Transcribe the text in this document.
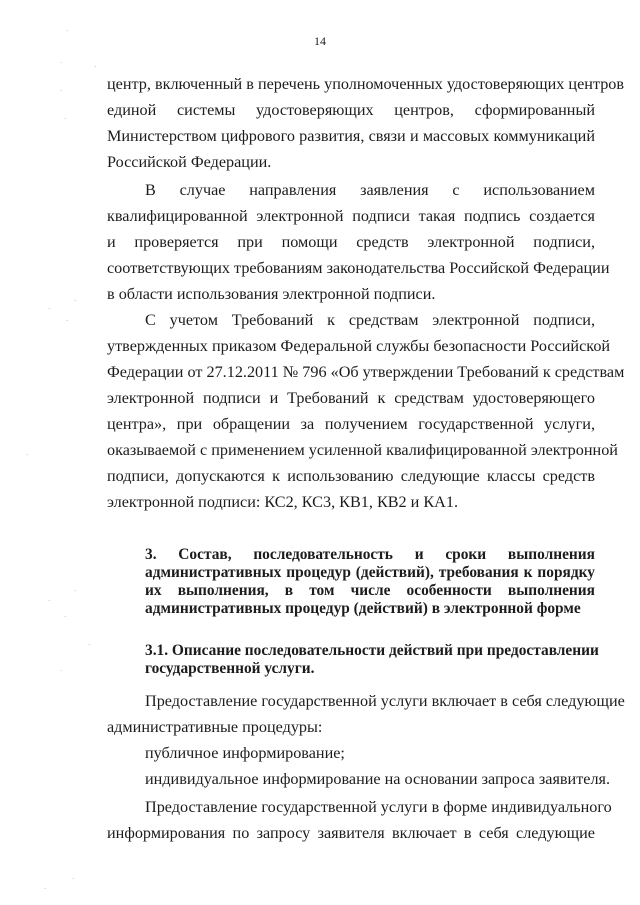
14
центр, включенный в перечень уполномоченных удостоверяющих центров
единой системы удостоверяющих центров, сформированный
Министерством цифрового развития, связи и массовых коммуникаций
Российской Федерации.
В случае направления заявления с использованием
квалифицированной электронной подписи такая подпись создается
и проверяется при помощи средств электронной подписи,
соответствующих требованиям законодательства Российской Федерации
в области использования электронной подписи.
С учетом Требований к средствам электронной подписи,
утвержденных приказом Федеральной службы безопасности Российской
Федерации от 27.12.2011 № 796 «Об утверждении Требований к средствам
электронной подписи и Требований к средствам удостоверяющего
центра», при обращении за получением государственной услуги,
оказываемой с применением усиленной квалифицированной электронной
подписи, допускаются к использованию следующие классы средств
электронной подписи: КС2, КС3, КВ1, КВ2 и КА1.
3. Состав, последовательность и сроки выполнения
административных процедур (действий), требования к порядку
их выполнения, в том числе особенности выполнения
административных процедур (действий) в электронной форме
3.1. Описание последовательности действий при предоставлении
государственной услуги.
Предоставление государственной услуги включает в себя следующие
административные процедуры:
публичное информирование;
индивидуальное информирование на основании запроса заявителя.
Предоставление государственной услуги в форме индивидуального
информирования по запросу заявителя включает в себя следующие
·
·	·
·
·
·
·
·
·
·
·
·
·
·
·
·
